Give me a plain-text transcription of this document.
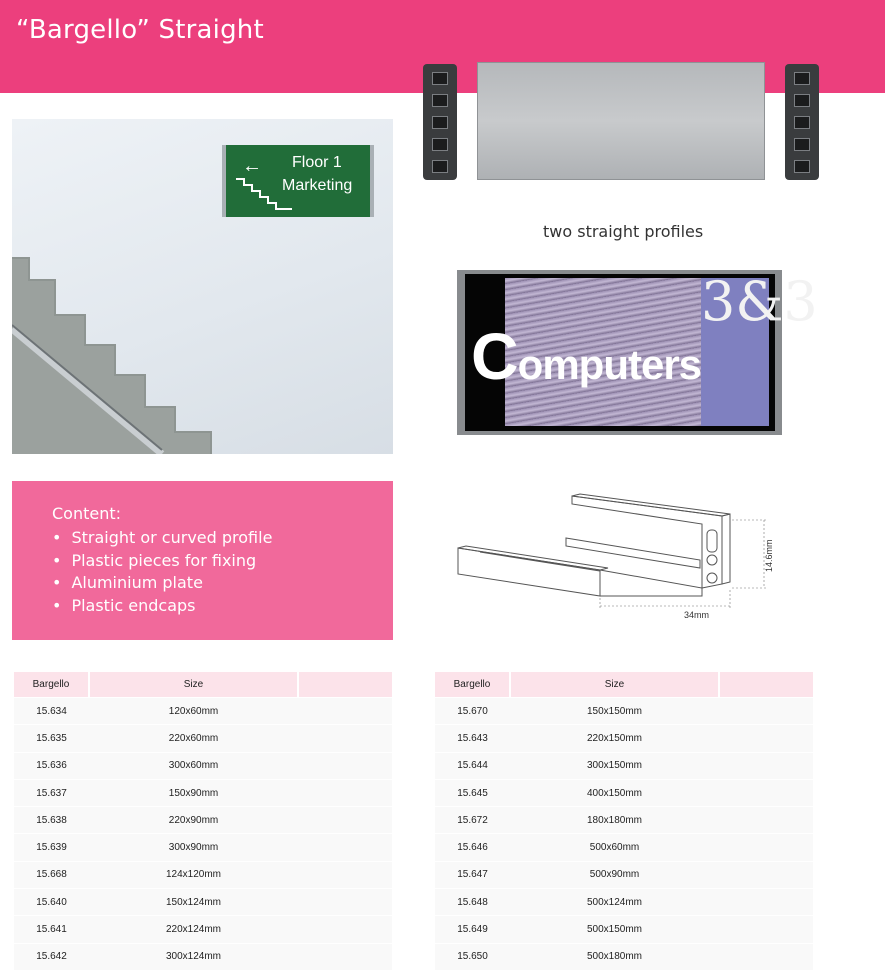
“Bargello” Straight
← Floor 1
Marketing
two straight profiles
3&3
Computers
Content:
• Straight or curved profile
• Plastic pieces for fixing
• Aluminium plate
• Plastic endcaps
34mm
14.6mm
Bargello	Size	
15.634	120x60mm	
15.635	220x60mm	
15.636	300x60mm	
15.637	150x90mm	
15.638	220x90mm	
15.639	300x90mm	
15.668	124x120mm	
15.640	150x124mm	
15.641	220x124mm	
15.642	300x124mm	
Bargello	Size	
15.670	150x150mm	
15.643	220x150mm	
15.644	300x150mm	
15.645	400x150mm	
15.672	180x180mm	
15.646	500x60mm	
15.647	500x90mm	
15.648	500x124mm	
15.649	500x150mm	
15.650	500x180mm	
